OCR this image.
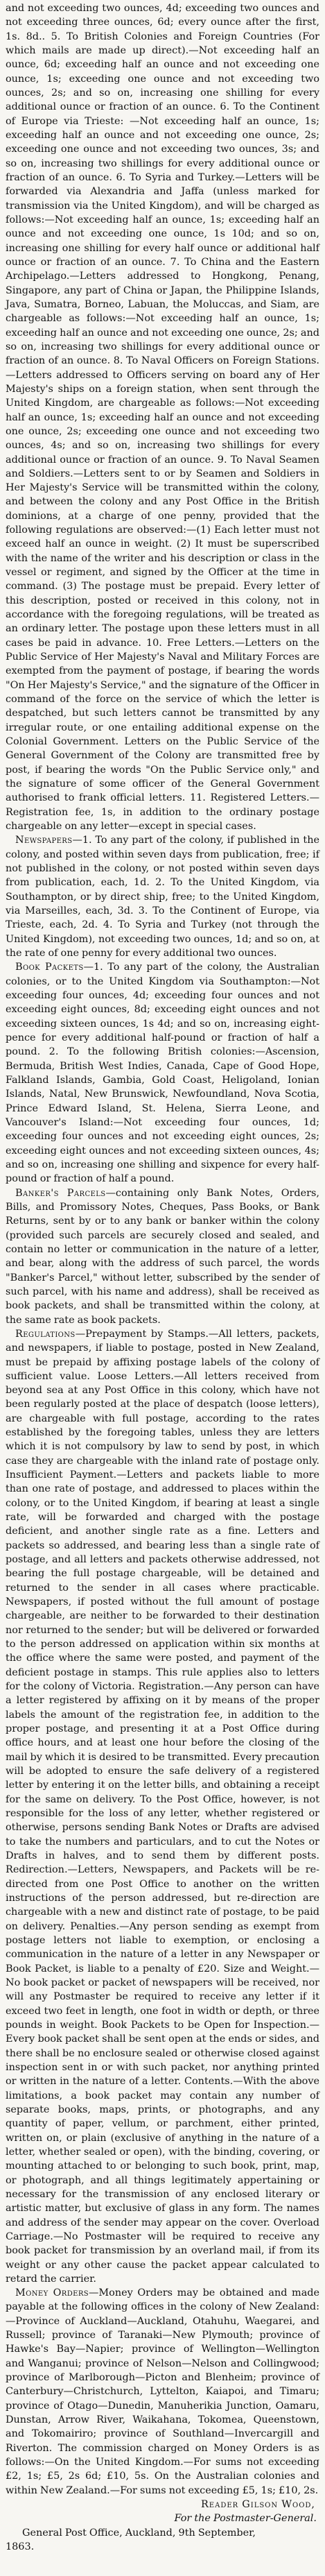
and not exceeding two ounces, 4d; exceeding two ounces and not exceeding three ounces, 6d; every ounce after the first, 1s. 8d.. 5. To British Colonies and Foreign Countries (For which mails are made up direct).—Not exceeding half an ounce, 6d; exceeding half an ounce and not exceeding one ounce, 1s; exceeding one ounce and not exceeding two ounces, 2s; and so on, increasing one shilling for every additional ounce or fraction of an ounce. 6. To the Continent of Europe via Trieste: —Not exceeding half an ounce, 1s; exceeding half an ounce and not exceeding one ounce, 2s; exceeding one ounce and not exceeding two ounces, 3s; and so on, increasing two shillings for every additional ounce or fraction of an ounce. 6. To Syria and Turkey.—Letters will be forwarded via Alexandria and Jaffa (unless marked for transmission via the United Kingdom), and will be charged as follows:—Not exceeding half an ounce, 1s; exceeding half an ounce and not exceeding one ounce, 1s 10d; and so on, increasing one shilling for every half ounce or additional half ounce or fraction of an ounce. 7. To China and the Eastern Archipelago.—Letters addressed to Hongkong, Penang, Singapore, any part of China or Japan, the Philippine Islands, Java, Sumatra, Borneo, Labuan, the Moluccas, and Siam, are chargeable as follows:—Not exceeding half an ounce, 1s; exceeding half an ounce and not exceeding one ounce, 2s; and so on, increasing two shillings for every additional ounce or fraction of an ounce. 8. To Naval Officers on Foreign Stations.—Letters addressed to Officers serving on board any of Her Majesty's ships on a foreign station, when sent through the United Kingdom, are chargeable as follows:—Not exceeding half an ounce, 1s; exceeding half an ounce and not exceeding one ounce, 2s; exceeding one ounce and not exceeding two ounces, 4s; and so on, increasing two shillings for every additional ounce or fraction of an ounce. 9. To Naval Seamen and Soldiers.—Letters sent to or by Seamen and Soldiers in Her Majesty's Service will be transmitted within the colony, and between the colony and any Post Office in the British dominions, at a charge of one penny, provided that the following regulations are observed:—(1) Each letter must not exceed half an ounce in weight. (2) It must be superscribed with the name of the writer and his description or class in the vessel or regiment, and signed by the Officer at the time in command. (3) The postage must be prepaid. Every letter of this description, posted or received in this colony, not in accordance with the foregoing regulations, will be treated as an ordinary letter. The postage upon these letters must in all cases be paid in advance. 10. Free Letters.—Letters on the Public Service of Her Majesty's Naval and Military Forces are exempted from the payment of postage, if bearing the words "On Her Majesty's Service," and the signature of the Officer in command of the force on the service of which the letter is despatched, but such letters cannot be transmitted by any irregular route, or one entailing additional expense on the Colonial Government. Letters on the Public Service of the General Government of the Colony are transmitted free by post, if bearing the words "On the Public Service only," and the signature of some officer of the General Government authorised to frank official letters. 11. Registered Letters.—Registration fee, 1s, in addition to the ordinary postage chargeable on any letter—except in special cases.

Newspapers—1. To any part of the colony, if published in the colony, and posted within seven days from publication, free; if not published in the colony, or not posted within seven days from publication, each, 1d. 2. To the United Kingdom, via Southampton, or by direct ship, free; to the United Kingdom, via Marseilles, each, 3d. 3. To the Continent of Europe, via Trieste, each, 2d. 4. To Syria and Turkey (not through the United Kingdom), not exceeding two ounces, 1d; and so on, at the rate of one penny for every additional two ounces.

Book Packets—1. To any part of the colony, the Australian colonies, or to the United Kingdom via Southampton:—Not exceeding four ounces, 4d; exceeding four ounces and not exceeding eight ounces, 8d; exceeding eight ounces and not exceeding sixteen ounces, 1s 4d; and so on, increasing eight-pence for every additional half-pound or fraction of half a pound. 2. To the following British colonies:—Ascension, Bermuda, British West Indies, Canada, Cape of Good Hope, Falkland Islands, Gambia, Gold Coast, Heligoland, Ionian Islands, Natal, New Brunswick, Newfoundland, Nova Scotia, Prince Edward Island, St. Helena, Sierra Leone, and Vancouver's Island:—Not exceeding four ounces, 1d; exceeding four ounces and not exceeding eight ounces, 2s; exceeding eight ounces and not exceeding sixteen ounces, 4s; and so on, increasing one shilling and sixpence for every half-pound or fraction of half a pound.

Banker's Parcels—containing only Bank Notes, Orders, Bills, and Promissory Notes, Cheques, Pass Books, or Bank Returns, sent by or to any bank or banker within the colony (provided such parcels are securely closed and sealed, and contain no letter or communication in the nature of a letter, and bear, along with the address of such parcel, the words "Banker's Parcel," without letter, subscribed by the sender of such parcel, with his name and address), shall be received as book packets, and shall be transmitted within the colony, at the same rate as book packets.

Regulations—Prepayment by Stamps.—All letters, packets, and newspapers, if liable to postage, posted in New Zealand, must be prepaid by affixing postage labels of the colony of sufficient value. Loose Letters.—All letters received from beyond sea at any Post Office in this colony, which have not been regularly posted at the place of despatch (loose letters), are chargeable with full postage, according to the rates established by the foregoing tables, unless they are letters which it is not compulsory by law to send by post, in which case they are chargeable with the inland rate of postage only. Insufficient Payment.—Letters and packets liable to more than one rate of postage, and addressed to places within the colony, or to the United Kingdom, if bearing at least a single rate, will be forwarded and charged with the postage deficient, and another single rate as a fine. Letters and packets so addressed, and bearing less than a single rate of postage, and all letters and packets otherwise addressed, not bearing the full postage chargeable, will be detained and returned to the sender in all cases where practicable. Newspapers, if posted without the full amount of postage chargeable, are neither to be forwarded to their destination nor returned to the sender; but will be delivered or forwarded to the person addressed on application within six months at the office where the same were posted, and payment of the deficient postage in stamps. This rule applies also to letters for the colony of Victoria. Registration.—Any person can have a letter registered by affixing on it by means of the proper labels the amount of the registration fee, in addition to the proper postage, and presenting it at a Post Office during office hours, and at least one hour before the closing of the mail by which it is desired to be transmitted. Every precaution will be adopted to ensure the safe delivery of a registered letter by entering it on the letter bills, and obtaining a receipt for the same on delivery. To the Post Office, however, is not responsible for the loss of any letter, whether registered or otherwise, persons sending Bank Notes or Drafts are advised to take the numbers and particulars, and to cut the Notes or Drafts in halves, and to send them by different posts. Redirection.—Letters, Newspapers, and Packets will be re-directed from one Post Office to another on the written instructions of the person addressed, but re-direction are chargeable with a new and distinct rate of postage, to be paid on delivery. Penalties.—Any person sending as exempt from postage letters not liable to exemption, or enclosing a communication in the nature of a letter in any Newspaper or Book Packet, is liable to a penalty of £20. Size and Weight.—No book packet or packet of newspapers will be received, nor will any Postmaster be required to receive any letter if it exceed two feet in length, one foot in width or depth, or three pounds in weight. Book Packets to be Open for Inspection.—Every book packet shall be sent open at the ends or sides, and there shall be no enclosure sealed or otherwise closed against inspection sent in or with such packet, nor anything printed or written in the nature of a letter. Contents.—With the above limitations, a book packet may contain any number of separate books, maps, prints, or photographs, and any quantity of paper, vellum, or parchment, either printed, written on, or plain (exclusive of anything in the nature of a letter, whether sealed or open), with the binding, covering, or mounting attached to or belonging to such book, print, map, or photograph, and all things legitimately appertaining or necessary for the transmission of any enclosed literary or artistic matter, but exclusive of glass in any form. The names and address of the sender may appear on the cover. Overload Carriage.—No Postmaster will be required to receive any book packet for transmission by an overland mail, if from its weight or any other cause the packet appear calculated to retard the carrier.

Money Orders—Money Orders may be obtained and made payable at the following offices in the colony of New Zealand:—Province of Auckland—Auckland, Otahuhu, Waegarei, and Russell; province of Taranaki—New Plymouth; province of Hawke's Bay—Napier; province of Wellington—Wellington and Wanganui; province of Nelson—Nelson and Collingwood; province of Marlborough—Picton and Blenheim; province of Canterbury—Christchurch, Lyttelton, Kaiapoi, and Timaru; province of Otago—Dunedin, Manuherikia Junction, Oamaru, Dunstan, Arrow River, Waikahana, Tokomea, Queenstown, and Tokomairiro; province of Southland—Invercargill and Riverton. The commission charged on Money Orders is as follows:—On the United Kingdom.—For sums not exceeding £2, 1s; £5, 2s 6d; £10, 5s. On the Australian colonies and within New Zealand.—For sums not exceeding £5, 1s; £10, 2s.

Reader Gilson Wood,

For the Postmaster-General.

General Post Office, Auckland, 9th September,

1863.
